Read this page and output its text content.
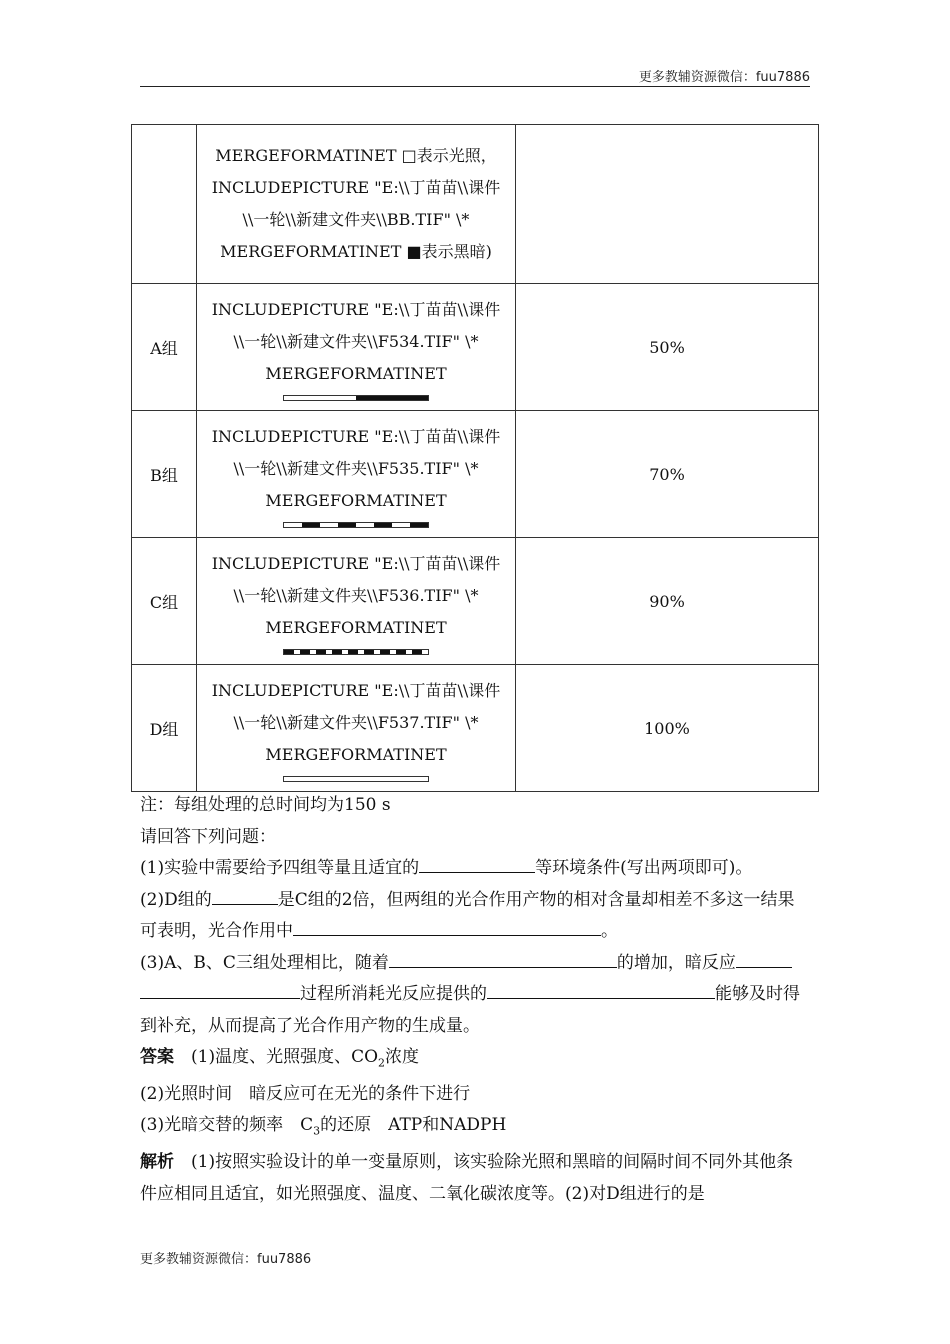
更多教辅资源微信：fuu7886

	MERGEFORMATINET □表示光照， INCLUDEPICTURE "E:\\丁苗苗\\课件\\一轮\\新建文件夹\\BB.TIF" \* MERGEFORMATINET ■表示黑暗)	

A组	INCLUDEPICTURE "E:\\丁苗苗\\课件\\一轮\\新建文件夹\\F534.TIF" \* MERGEFORMATINET	50%
B组	INCLUDEPICTURE "E:\\丁苗苗\\课件\\一轮\\新建文件夹\\F535.TIF" \* MERGEFORMATINET	70%
C组	INCLUDEPICTURE "E:\\丁苗苗\\课件\\一轮\\新建文件夹\\F536.TIF" \* MERGEFORMATINET	90%
D组	INCLUDEPICTURE "E:\\丁苗苗\\课件\\一轮\\新建文件夹\\F537.TIF" \* MERGEFORMATINET	100%

注：每组处理的总时间均为150 s

请回答下列问题：

(1)实验中需要给予四组等量且适宜的	等环境条件(写出两项即可)。

(2)D组的	是C组的2倍，但两组的光合作用产物的相对含量却相差不多这一结果可表明，光合作用中	。

(3)A、B、C三组处理相比，随着	的增加，暗反应过程所消耗光反应提供的	能够及时得到补充，从而提高了光合作用产物的生成量。

答案　 (1)温度、光照强度、$CO_2$浓度

(2)光照时间　暗反应可在无光的条件下进行

(3)光暗交替的频率　$C_3$的还原　ATP和NADPH

解析　 (1)按照实验设计的单一变量原则，该实验除光照和黑暗的间隔时间不同外其他条件应相同且适宜，如光照强度、温度、二氧化碳浓度等。(2)对D组进行的是

更多教辅资源微信：fuu7886
